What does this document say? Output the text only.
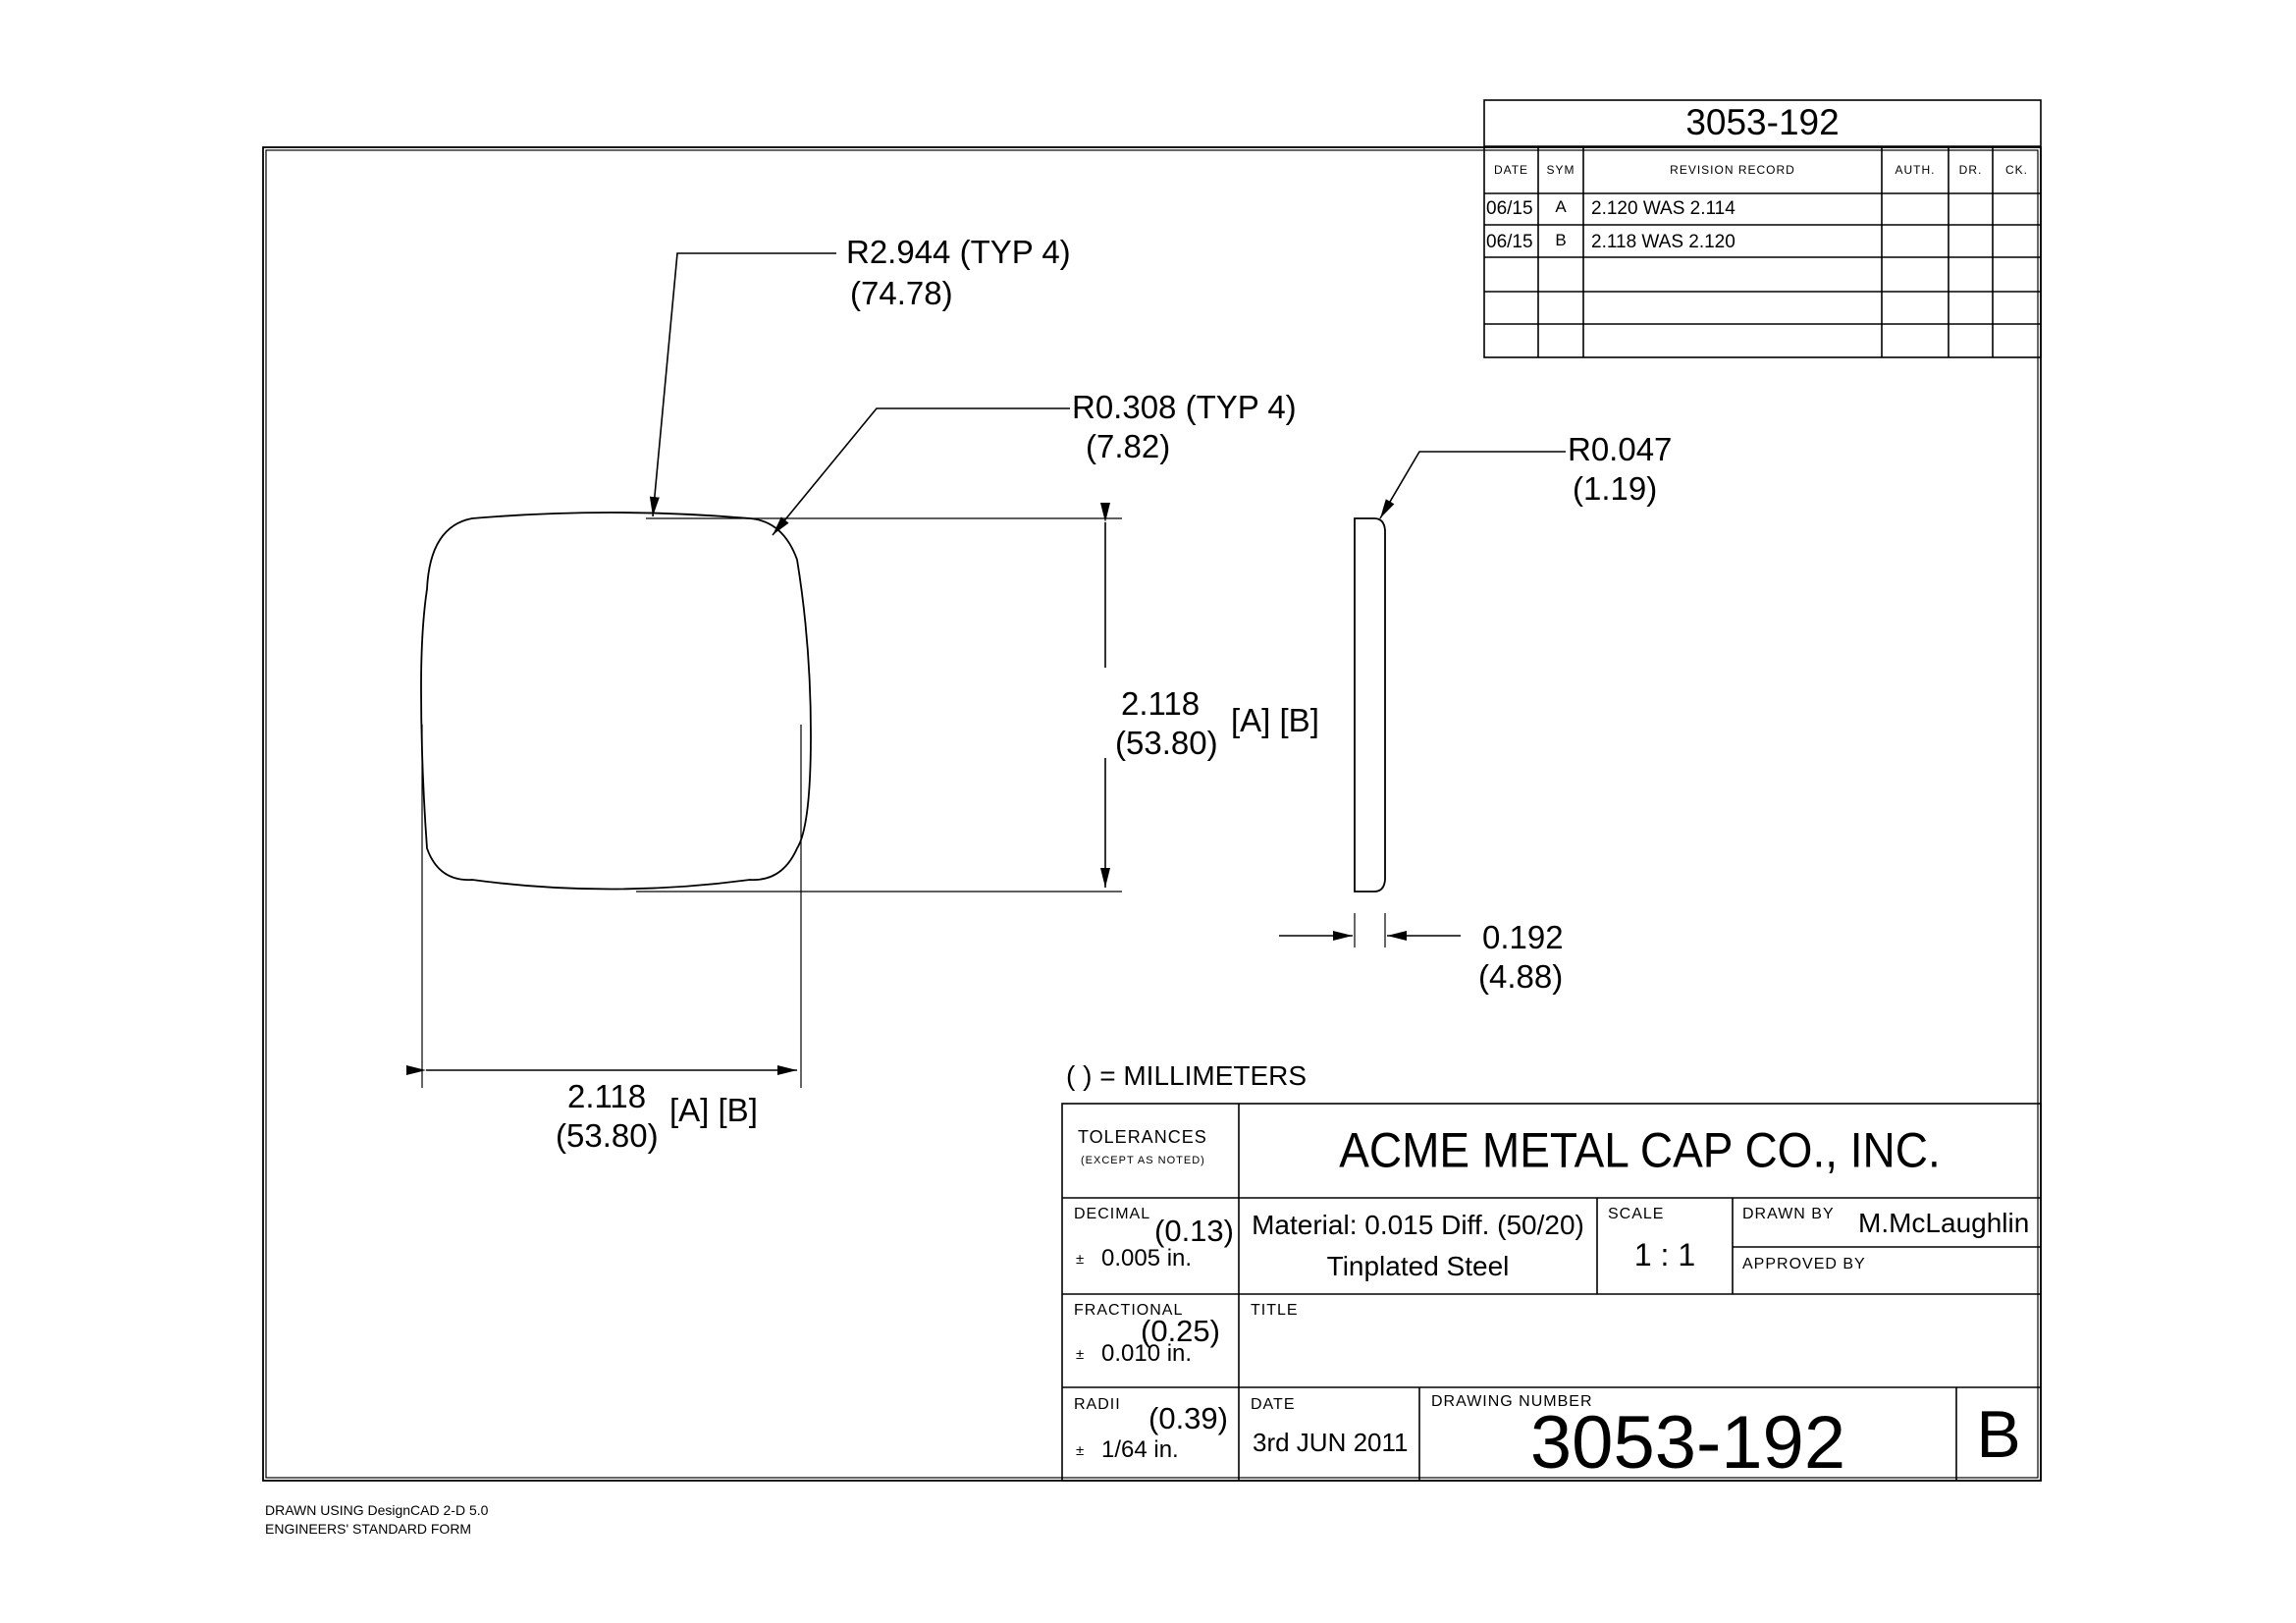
3053-192
DATE	SYM	REVISION RECORD	AUTH.	DR.	CK.
06/15	A	2.120 WAS 2.114
06/15	B	2.118 WAS 2.120
R2.944 (TYP 4)
(74.78)
R0.308 (TYP 4)
(7.82)	R0.047
(1.19)
2.118
(53.80)
[A] [B]
2.118
(53.80)
[A] [B]
0.192
(4.88)
( ) = MILLIMETERS
TOLERANCES
(EXCEPT AS NOTED)	ACME METAL CAP CO., INC.
DECIMAL (0.13)
± 0.005 in.
FRACTIONAL
(0.25)
± 0.010 in.
RADII (0.39)
± 1/64 in.
Material: 0.015 Diff. (50/20)
Tinplated Steel
SCALE
1 : 1
DRAWN BY M.McLaughlin
APPROVED BY
TITLE
DATE
3rd JUN 2011
DRAWING NUMBER
3053-192	B
DRAWN USING DesignCAD 2-D 5.0
ENGINEERS' STANDARD FORM
